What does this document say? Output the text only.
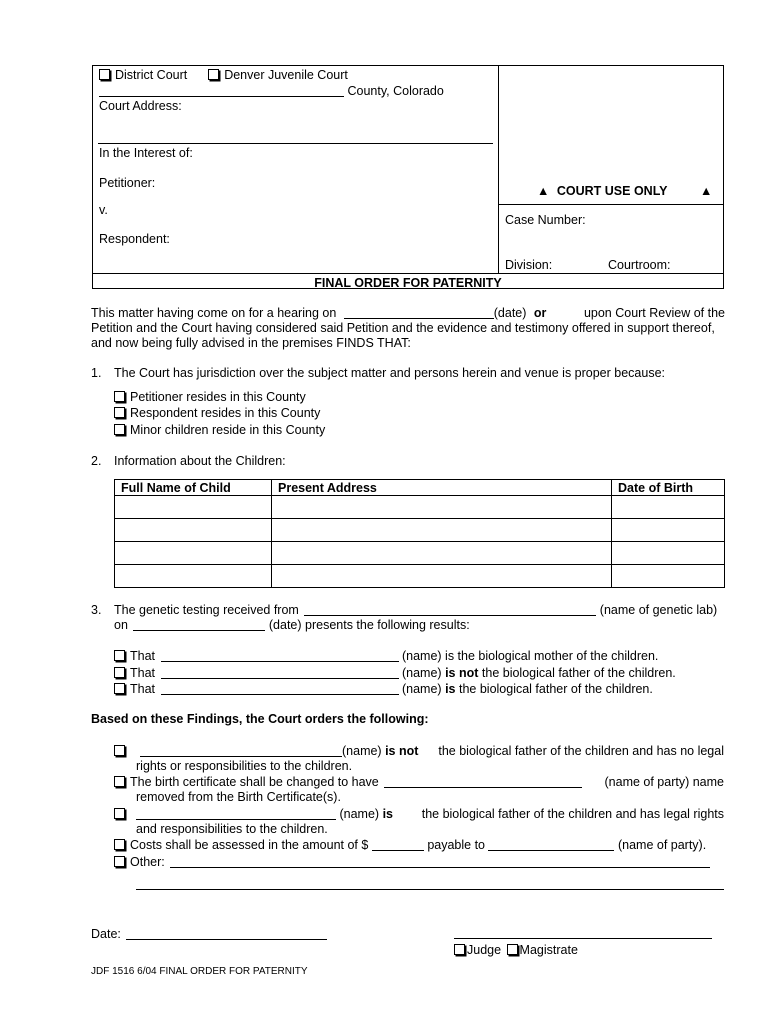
District Court	Denver Juvenile Court
County, Colorado
Court Address:
In the Interest of:
Petitioner:
v.
Respondent:
▲ COURT USE ONLY	▲
Case Number:
Division:	Courtroom:
FINAL ORDER FOR PATERNITY
This matter having come on for a hearing on	(date) or	upon Court Review of the
Petition and the Court having considered said Petition and the evidence and testimony offered in support thereof,
and now being fully advised in the premises FINDS THAT:
1. The Court has jurisdiction over the subject matter and persons herein and venue is proper because:
Petitioner resides in this County
Respondent resides in this County
Minor children reside in this County
2. Information about the Children:
Full Name of Child	Present Address	Date of Birth

3. The genetic testing received from	(name of genetic lab)
on	(date) presents the following results:
That	(name) is the biological mother of the children.
That	(name) is not the biological father of the children.
That	(name) is the biological father of the children.
Based on these Findings, the Court orders the following:
(name) is not the biological father of the children and has no legal
rights or responsibilities to the children.
The birth certificate shall be changed to have	(name of party) name
removed from the Birth Certificate(s).
(name) is the biological father of the children and has legal rights
and responsibilities to the children.
Costs shall be assessed in the amount of $	payable to	(name of party).
Other:
Date:
Judge Magistrate
JDF 1516 6/04 FINAL ORDER FOR PATERNITY
